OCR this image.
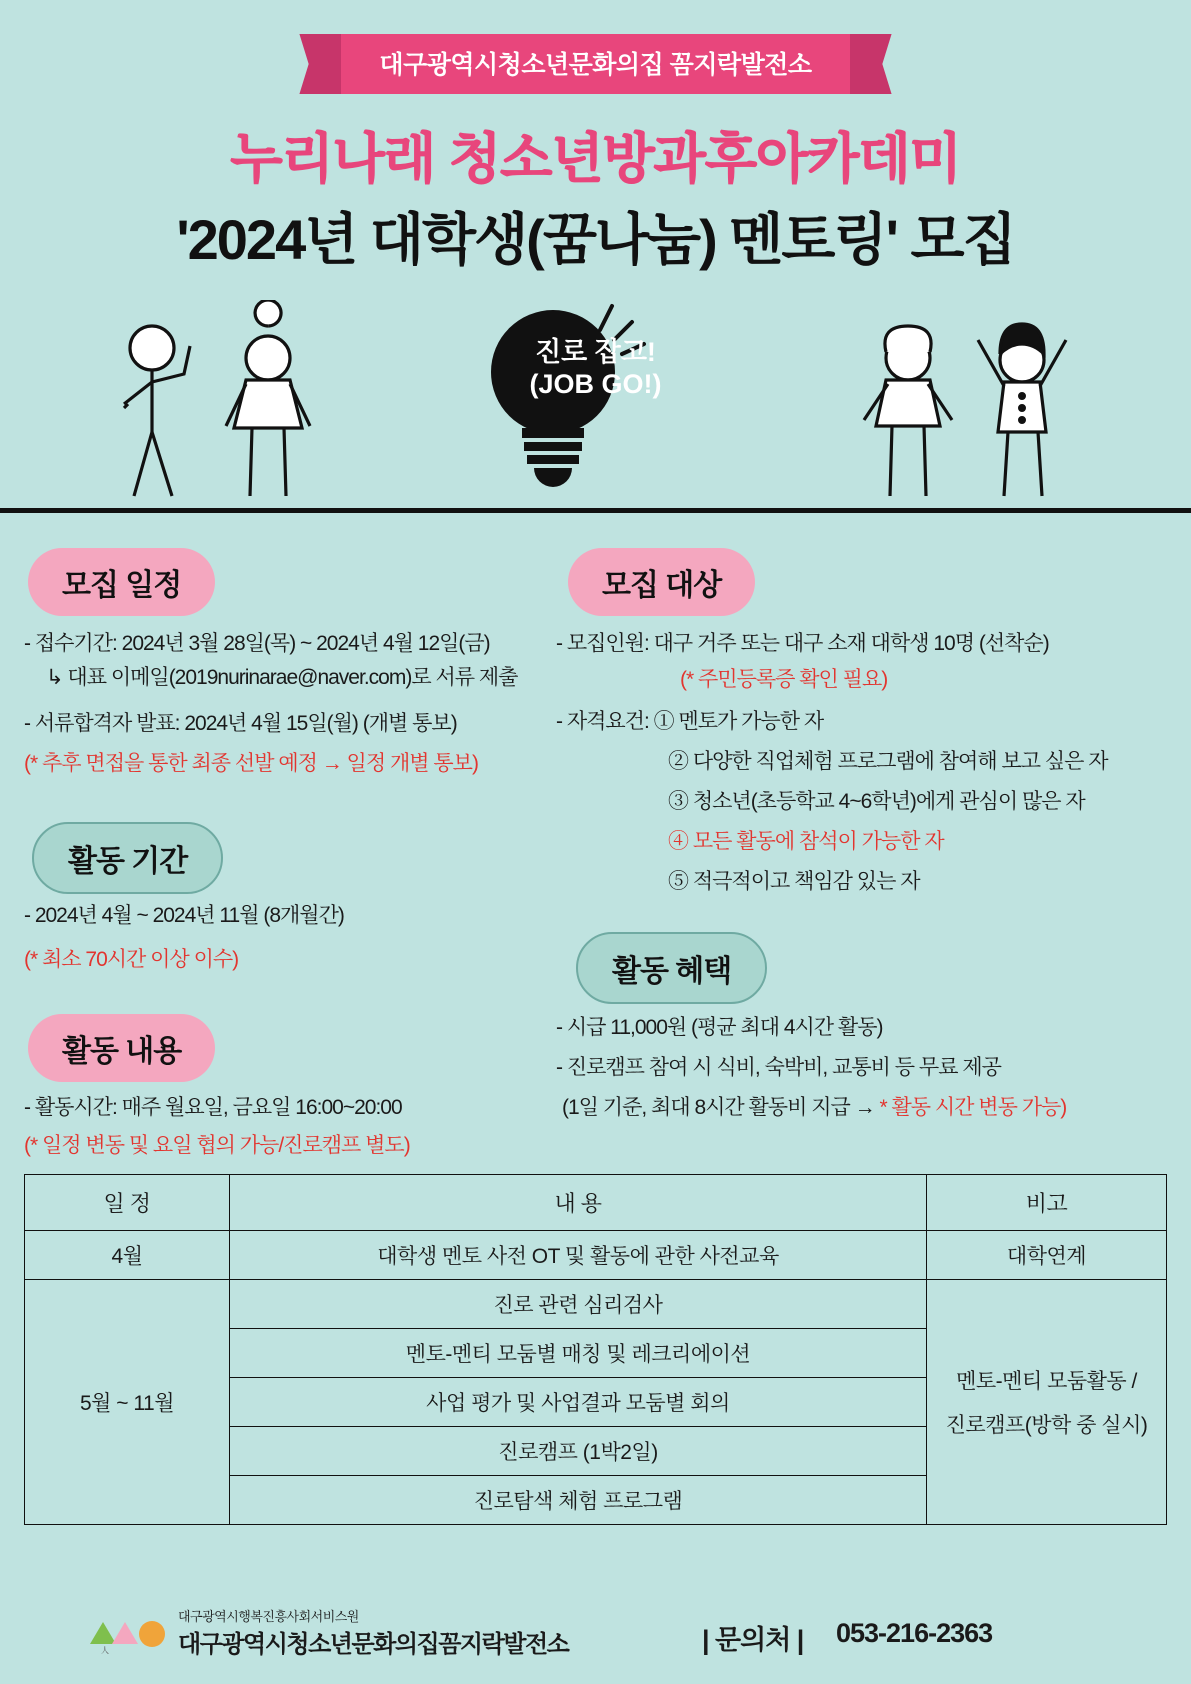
대구광역시청소년문화의집 꼼지락발전소
누리나래 청소년방과후아카데미
'2024년 대학생(꿈나눔) 멘토링' 모집
진로 잡고!
(JOB GO!)
모집 일정
- 접수기간: 2024년 3월 28일(목) ~ 2024년 4월 12일(금)
↳ 대표 이메일(2019nurinarae@naver.com)로 서류 제출
- 서류합격자 발표: 2024년 4월 15일(월) (개별 통보)
(* 추후 면접을 통한 최종 선발 예정 → 일정 개별 통보)
활동 기간
- 2024년 4월 ~ 2024년 11월 (8개월간)
(* 최소 70시간 이상 이수)
활동 내용
- 활동시간: 매주 월요일, 금요일 16:00~20:00
(* 일정 변동 및 요일 협의 가능/진로캠프 별도)
모집 대상
- 모집인원: 대구 거주 또는 대구 소재 대학생 10명 (선착순)
(* 주민등록증 확인 필요)
- 자격요건: ① 멘토가 가능한 자
② 다양한 직업체험 프로그램에 참여해 보고 싶은 자
③ 청소년(초등학교 4~6학년)에게 관심이 많은 자
④ 모든 활동에 참석이 가능한 자
⑤ 적극적이고 책임감 있는 자
활동 혜택
- 시급 11,000원 (평균 최대 4시간 활동)
- 진로캠프 참여 시 식비, 숙박비, 교통비 등 무료 제공
(1일 기준, 최대 8시간 활동비 지급 → * 활동 시간 변동 가능)
일 정	내 용	비고
4월	대학생 멘토 사전 OT 및 활동에 관한 사전교육	대학연계
5월 ~ 11월	진로 관련 심리검사	멘토-멘티 모둠활동 /
진로캠프(방학 중 실시)

	멘토-멘티 모둠별 매칭 및 레크리에이션	
	사업 평가 및 사업결과 모둠별 회의	
	진로캠프 (1박2일)	
	진로탐색 체험 프로그램	
人
대구광역시행복진흥사회서비스원
대구광역시청소년문화의집꼼지락발전소	| 문의처 | 053-216-2363
